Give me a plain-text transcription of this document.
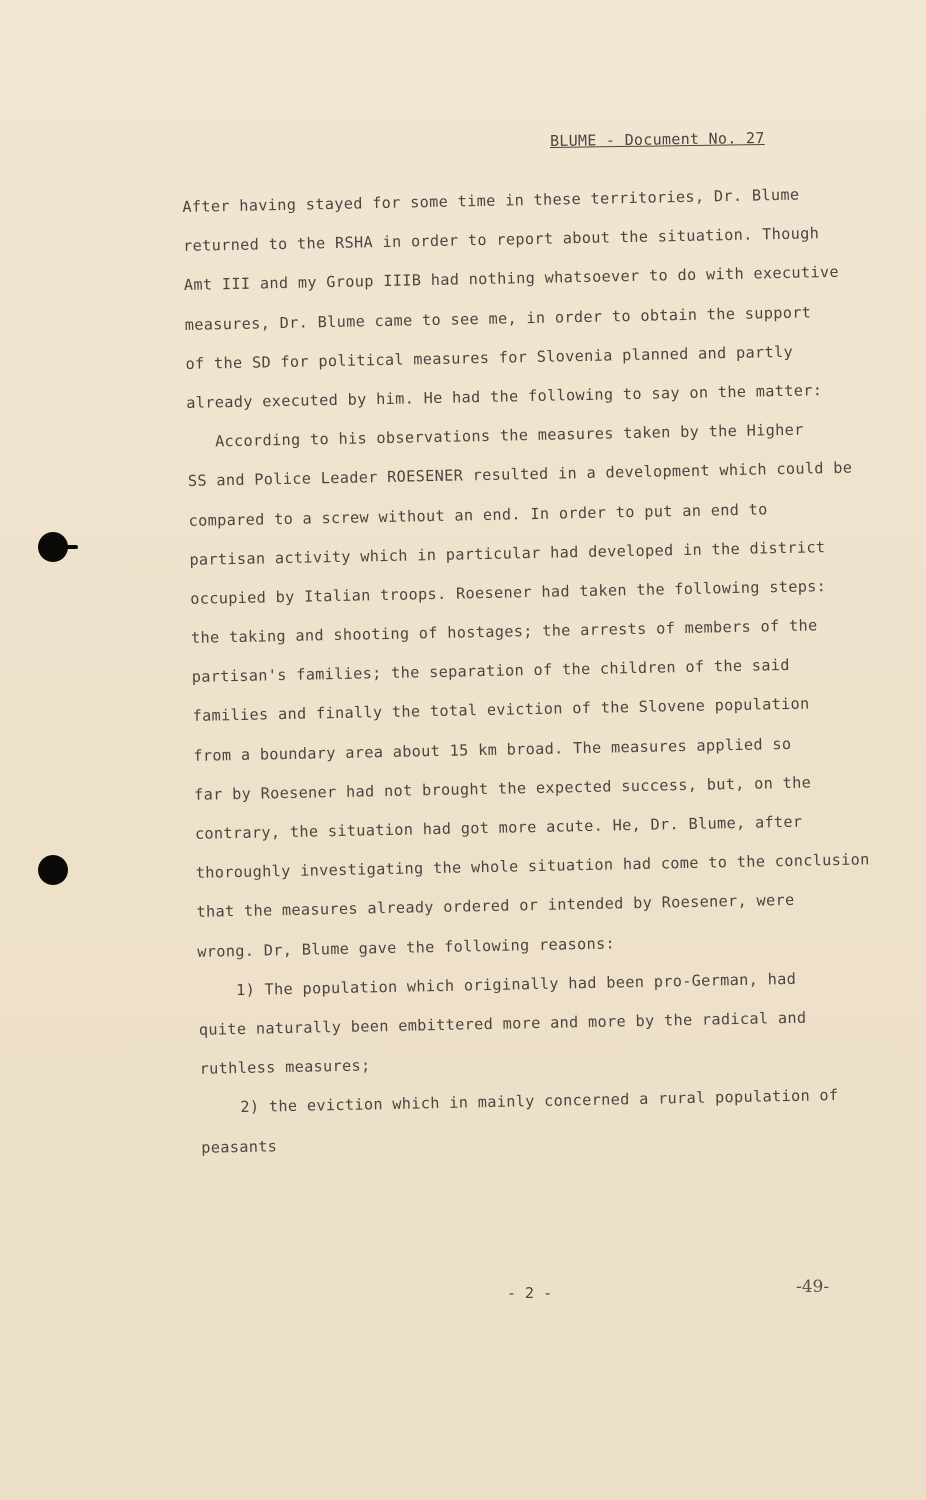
BLUME - Document No. 27
After having stayed for some time in these territories, Dr. Blume
returned to the RSHA in order to report about the situation. Though
Amt III and my Group IIIB had nothing whatsoever to do with executive
measures, Dr. Blume came to see me, in order to obtain the support
of the SD for political measures for Slovenia planned and partly
already executed by him. He had the following to say on the matter:
According to his observations the measures taken by the Higher
SS and Police Leader ROESENER resulted in a development which could be
compared to a screw without an end. In order to put an end to
partisan activity which in particular had developed in the district
occupied by Italian troops. Roesener had taken the following steps:
the taking and shooting of hostages; the arrests of members of the
partisan's families; the separation of the children of the said
families and finally the total eviction of the Slovene population
from a boundary area about 15 km broad. The measures applied so
far by Roesener had not brought the expected success, but, on the
contrary, the situation had got more acute. He, Dr. Blume, after
thoroughly investigating the whole situation had come to the conclusion
that the measures already ordered or intended by Roesener, were
wrong. Dr, Blume gave the following reasons:
1) The population which originally had been pro-German, had
quite naturally been embittered more and more by the radical and
ruthless measures;
2) the eviction which in mainly concerned a rural population of
peasants
- 2 -	-49-
